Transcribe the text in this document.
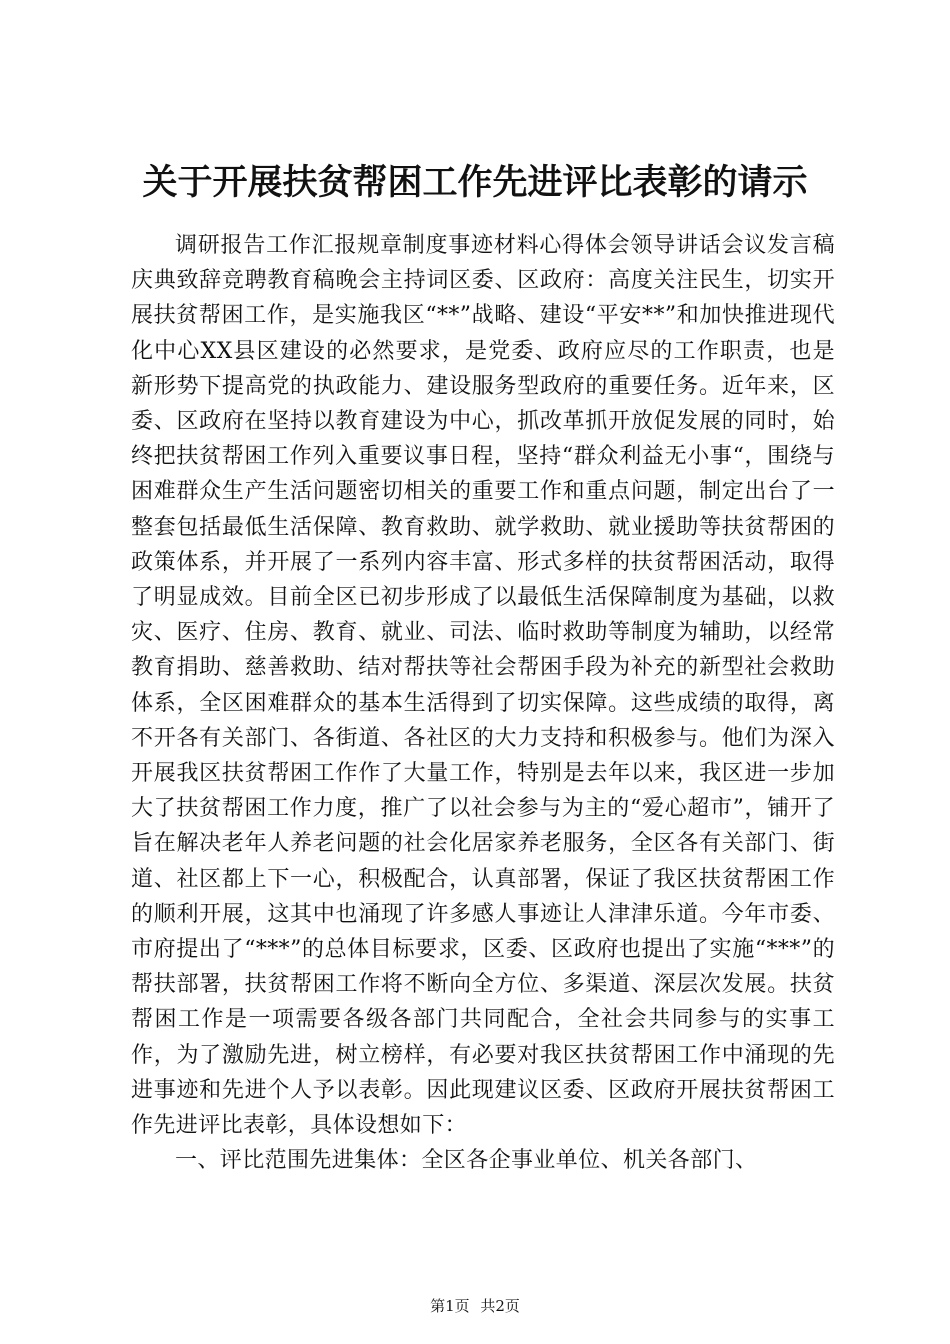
关于开展扶贫帮困工作先进评比表彰的请示

调研报告工作汇报规章制度事迹材料心得体会领导讲话会议发言稿庆典致辞竞聘教育稿晚会主持词区委、区政府：高度关注民生，切实开展扶贫帮困工作，是实施我区“**”战略、建设“平安**”和加快推进现代化中心XX县区建设的必然要求，是党委、政府应尽的工作职责，也是新形势下提高党的执政能力、建设服务型政府的重要任务。近年来，区委、区政府在坚持以教育建设为中心，抓改革抓开放促发展的同时，始终把扶贫帮困工作列入重要议事日程，坚持“群众利益无小事“，围绕与困难群众生产生活问题密切相关的重要工作和重点问题，制定出台了一整套包括最低生活保障、教育救助、就学救助、就业援助等扶贫帮困的政策体系，并开展了一系列内容丰富、形式多样的扶贫帮困活动，取得了明显成效。目前全区已初步形成了以最低生活保障制度为基础，以救灾、医疗、住房、教育、就业、司法、临时救助等制度为辅助，以经常教育捐助、慈善救助、结对帮扶等社会帮困手段为补充的新型社会救助体系，全区困难群众的基本生活得到了切实保障。这些成绩的取得，离不开各有关部门、各街道、各社区的大力支持和积极参与。他们为深入开展我区扶贫帮困工作作了大量工作，特别是去年以来，我区进一步加大了扶贫帮困工作力度，推广了以社会参与为主的“爱心超市”，铺开了旨在解决老年人养老问题的社会化居家养老服务，全区各有关部门、街道、社区都上下一心，积极配合，认真部署，保证了我区扶贫帮困工作的顺利开展，这其中也涌现了许多感人事迹让人津津乐道。今年市委、市府提出了“***”的总体目标要求，区委、区政府也提出了实施“***”的帮扶部署，扶贫帮困工作将不断向全方位、多渠道、深层次发展。扶贫帮困工作是一项需要各级各部门共同配合，全社会共同参与的实事工作，为了激励先进，树立榜样，有必要对我区扶贫帮困工作中涌现的先进事迹和先进个人予以表彰。因此现建议区委、区政府开展扶贫帮困工作先进评比表彰，具体设想如下：

一、评比范围先进集体：全区各企事业单位、机关各部门、

第1页 共2页
